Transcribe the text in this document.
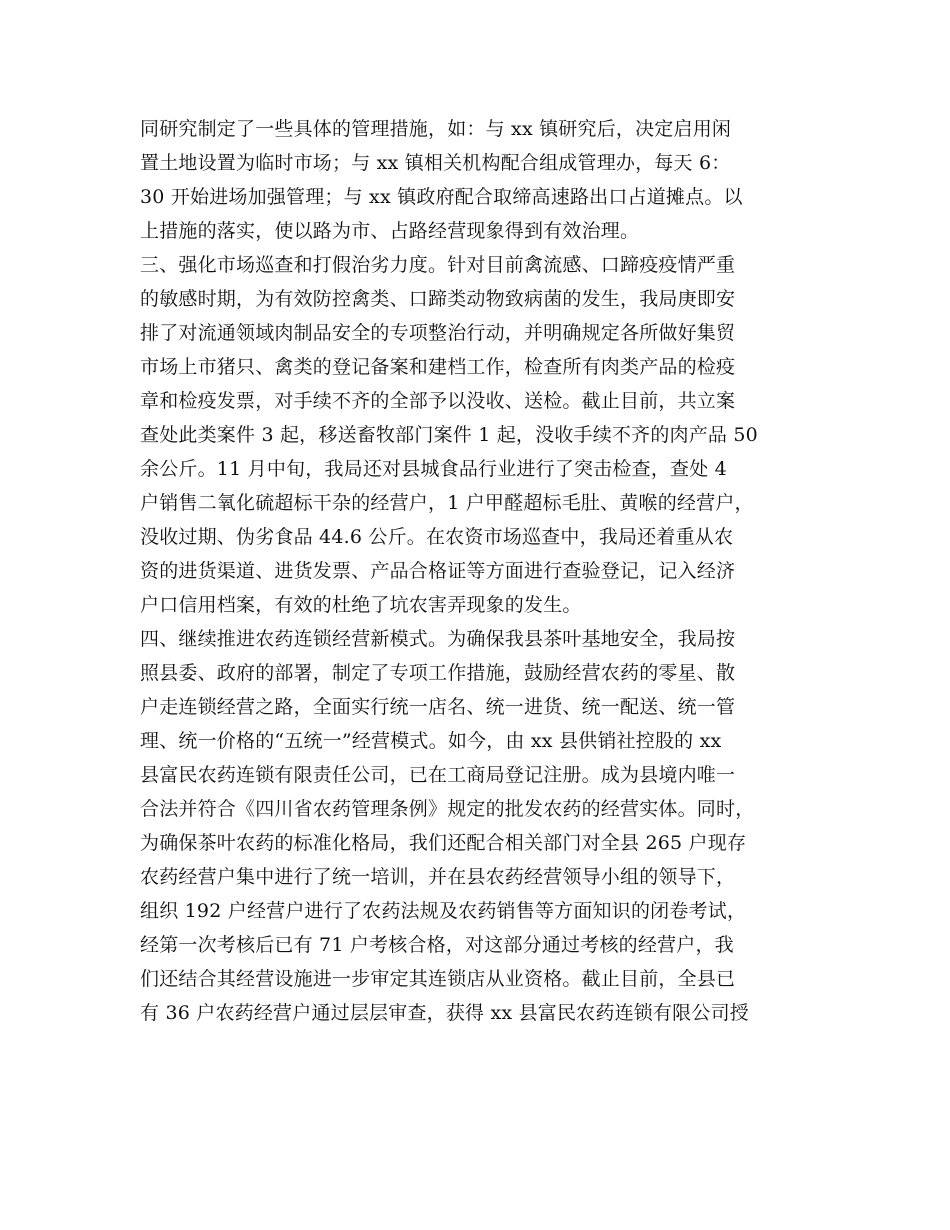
同研究制定了一些具体的管理措施，如：与 xx 镇研究后，决定启用闲
置土地设置为临时市场；与 xx 镇相关机构配合组成管理办，每天 6：
30 开始进场加强管理；与 xx 镇政府配合取缔高速路出口占道摊点。以
上措施的落实，使以路为市、占路经营现象得到有效治理。
三、强化市场巡查和打假治劣力度。针对目前禽流感、口蹄疫疫情严重
的敏感时期，为有效防控禽类、口蹄类动物致病菌的发生，我局庚即安
排了对流通领域肉制品安全的专项整治行动，并明确规定各所做好集贸
市场上市猪只、禽类的登记备案和建档工作，检查所有肉类产品的检疫
章和检疫发票，对手续不齐的全部予以没收、送检。截止目前，共立案
查处此类案件 3 起，移送畜牧部门案件 1 起，没收手续不齐的肉产品 50
余公斤。11 月中旬，我局还对县城食品行业进行了突击检查，查处 4
户销售二氧化硫超标干杂的经营户，1 户甲醛超标毛肚、黄喉的经营户，
没收过期、伪劣食品 44.6 公斤。在农资市场巡查中，我局还着重从农
资的进货渠道、进货发票、产品合格证等方面进行查验登记，记入经济
户口信用档案，有效的杜绝了坑农害弄现象的发生。
四、继续推进农药连锁经营新模式。为确保我县茶叶基地安全，我局按
照县委、政府的部署，制定了专项工作措施，鼓励经营农药的零星、散
户走连锁经营之路，全面实行统一店名、统一进货、统一配送、统一管
理、统一价格的“五统一”经营模式。如今，由 xx 县供销社控股的 xx
县富民农药连锁有限责任公司，已在工商局登记注册。成为县境内唯一
合法并符合《四川省农药管理条例》规定的批发农药的经营实体。同时，
为确保茶叶农药的标准化格局，我们还配合相关部门对全县 265 户现存
农药经营户集中进行了统一培训，并在县农药经营领导小组的领导下，
组织 192 户经营户进行了农药法规及农药销售等方面知识的闭卷考试，
经第一次考核后已有 71 户考核合格，对这部分通过考核的经营户，我
们还结合其经营设施进一步审定其连锁店从业资格。截止目前，全县已
有 36 户农药经营户通过层层审查，获得 xx 县富民农药连锁有限公司授
